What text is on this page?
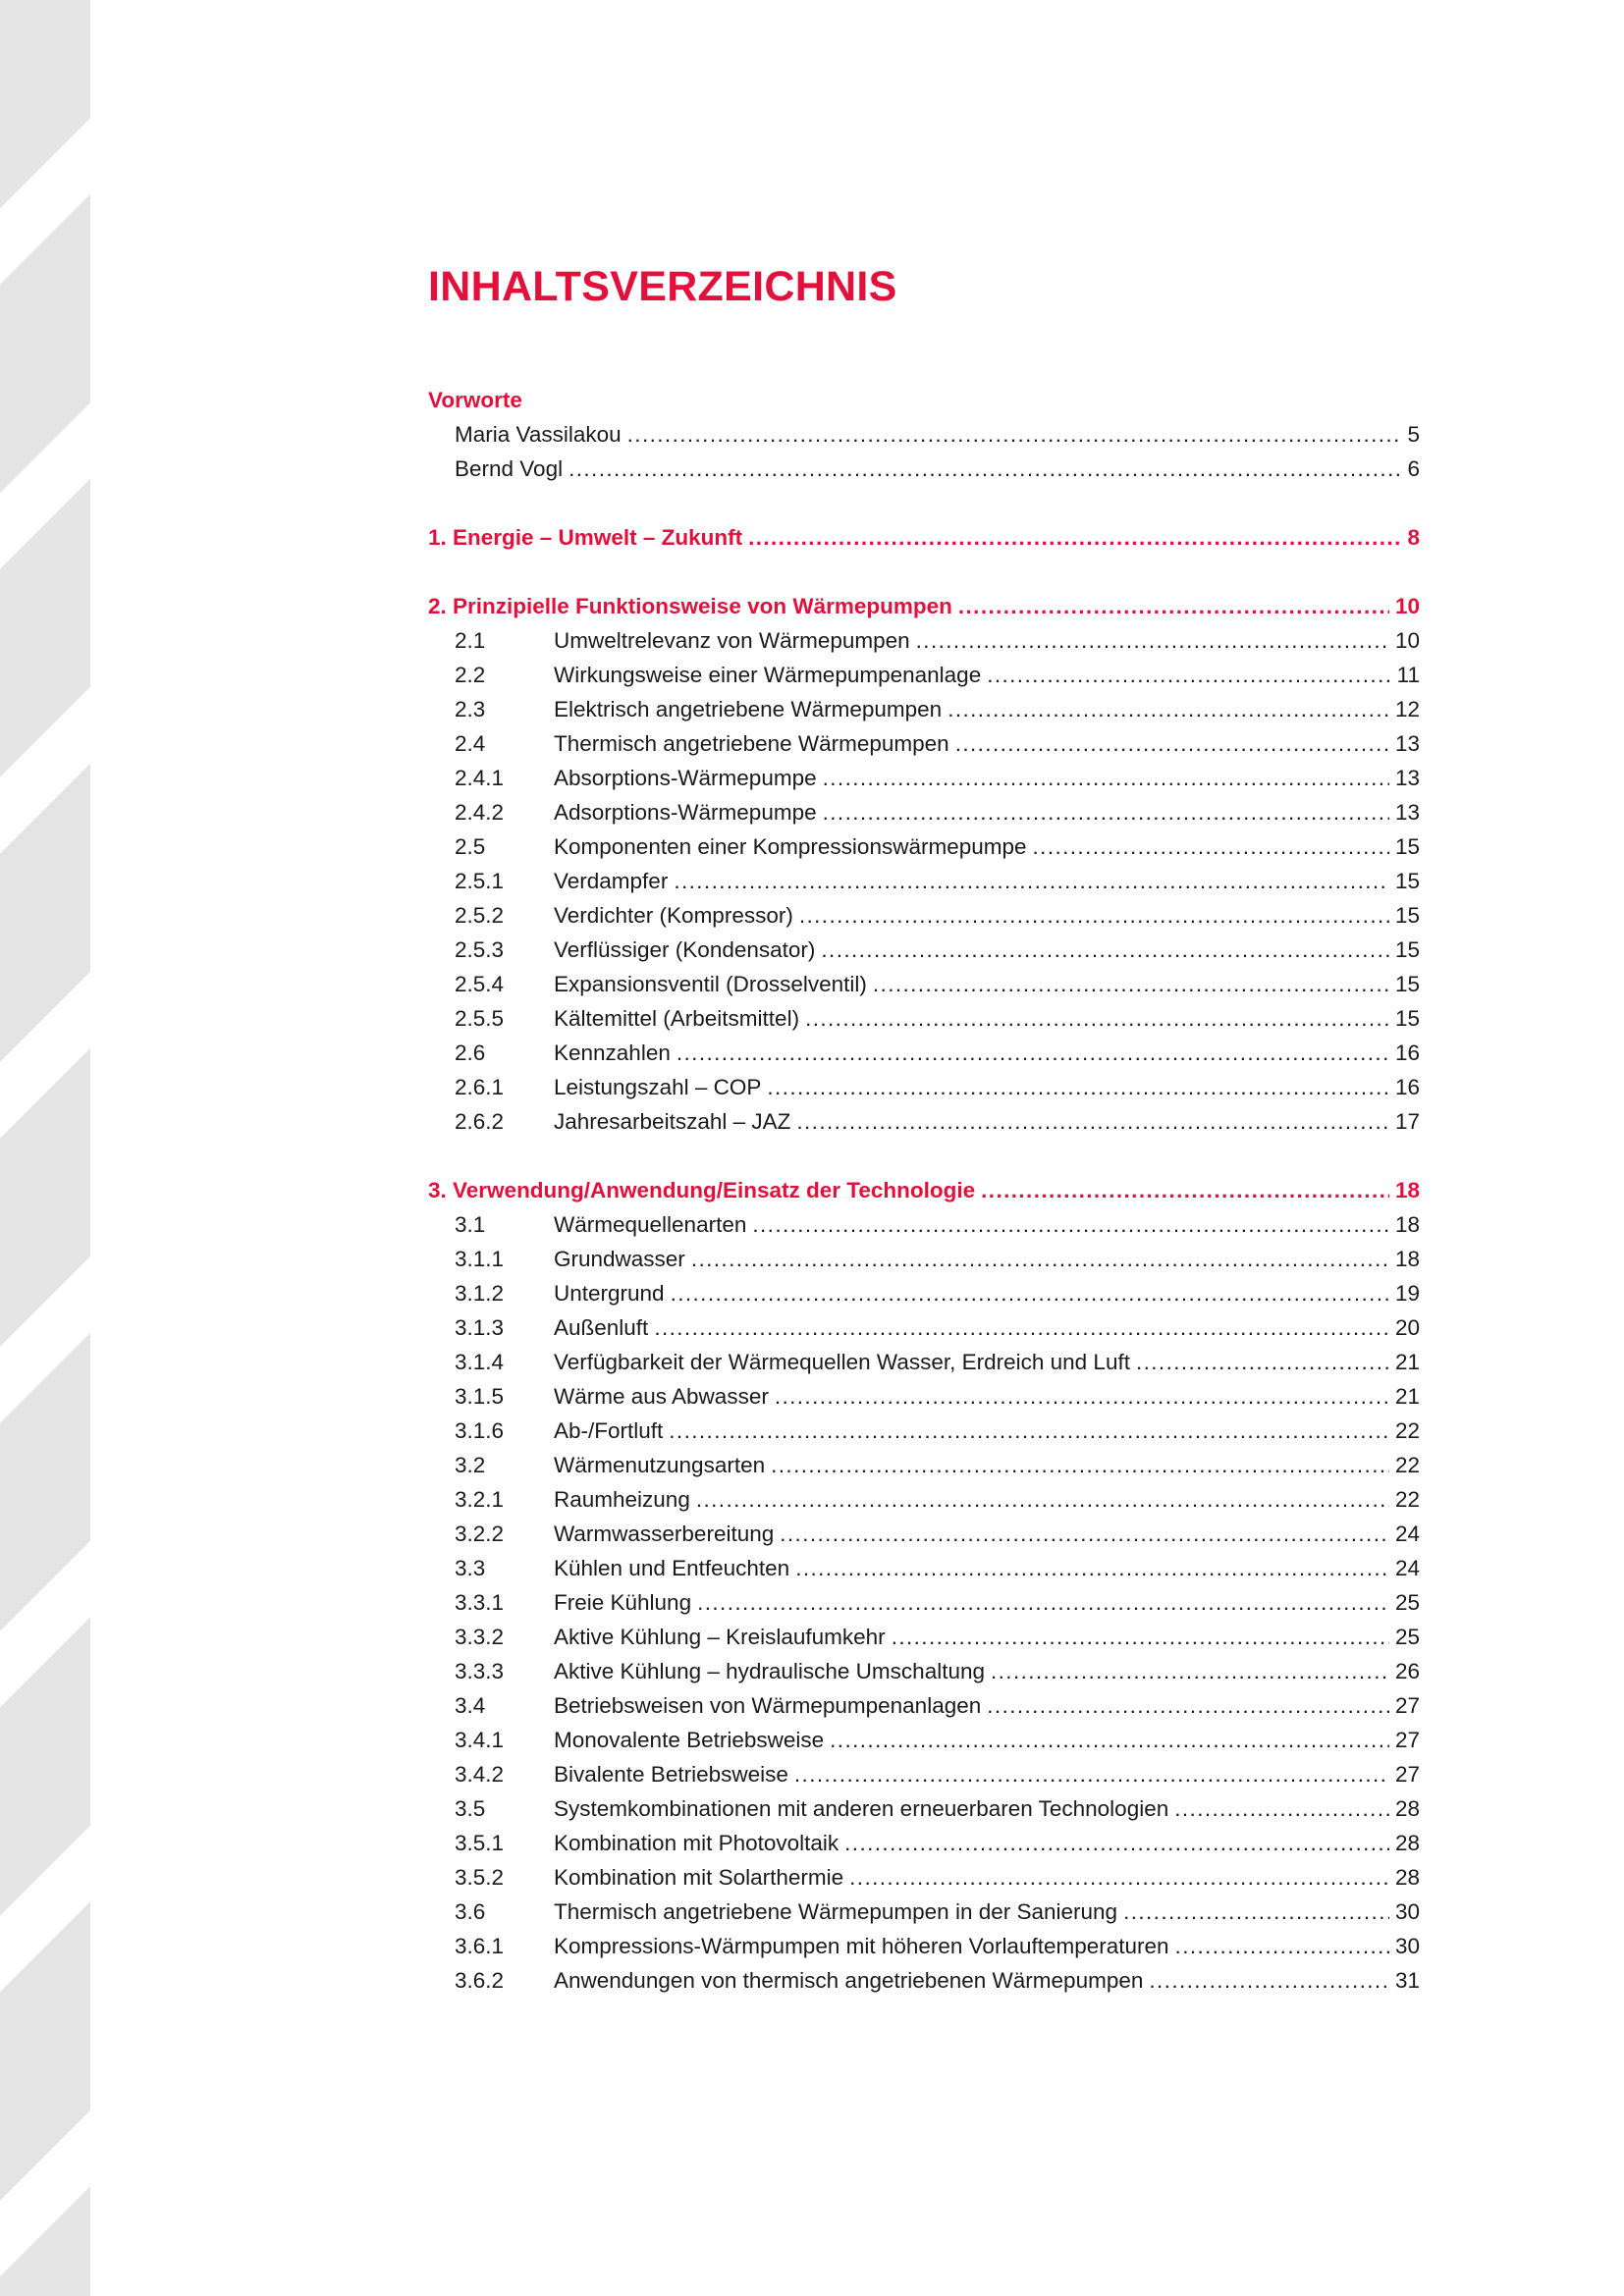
INHALTSVERZEICHNIS
Vorworte
Maria Vassilakou .....	5
Bernd Vogl .....	6
1. Energie – Umwelt – Zukunft .....	8
2. Prinzipielle Funktionsweise von Wärmepumpen .....	10
2.1	Umweltrelevanz von Wärmepumpen .....	10
2.2	Wirkungsweise einer Wärmepumpenanlage .....	11
2.3	Elektrisch angetriebene Wärmepumpen .....	12
2.4	Thermisch angetriebene Wärmepumpen .....	13
2.4.1	Absorptions-Wärmepumpe .....	13
2.4.2	Adsorptions-Wärmepumpe .....	13
2.5	Komponenten einer Kompressionswärmepumpe .....	15
2.5.1	Verdampfer .....	15
2.5.2	Verdichter (Kompressor) .....	15
2.5.3	Verflüssiger (Kondensator) .....	15
2.5.4	Expansionsventil (Drosselventil) .....	15
2.5.5	Kältemittel (Arbeitsmittel) .....	15
2.6	Kennzahlen .....	16
2.6.1	Leistungszahl – COP .....	16
2.6.2	Jahresarbeitszahl – JAZ .....	17
3. Verwendung/Anwendung/Einsatz der Technologie .....	18
3.1	Wärmequellenarten .....	18
3.1.1	Grundwasser .....	18
3.1.2	Untergrund .....	19
3.1.3	Außenluft .....	20
3.1.4	Verfügbarkeit der Wärmequellen Wasser, Erdreich und Luft .....	21
3.1.5	Wärme aus Abwasser .....	21
3.1.6	Ab-/Fortluft .....	22
3.2	Wärmenutzungsarten .....	22
3.2.1	Raumheizung .....	22
3.2.2	Warmwasserbereitung .....	24
3.3	Kühlen und Entfeuchten .....	24
3.3.1	Freie Kühlung .....	25
3.3.2	Aktive Kühlung – Kreislaufumkehr .....	25
3.3.3	Aktive Kühlung – hydraulische Umschaltung .....	26
3.4	Betriebsweisen von Wärmepumpenanlagen .....	27
3.4.1	Monovalente Betriebsweise .....	27
3.4.2	Bivalente Betriebsweise .....	27
3.5	Systemkombinationen mit anderen erneuerbaren Technologien .....	28
3.5.1	Kombination mit Photovoltaik .....	28
3.5.2	Kombination mit Solarthermie .....	28
3.6	Thermisch angetriebene Wärmepumpen in der Sanierung .....	30
3.6.1	Kompressions-Wärmpumpen mit höheren Vorlauftemperaturen .....	30
3.6.2	Anwendungen von thermisch angetriebenen Wärmepumpen .....	31
